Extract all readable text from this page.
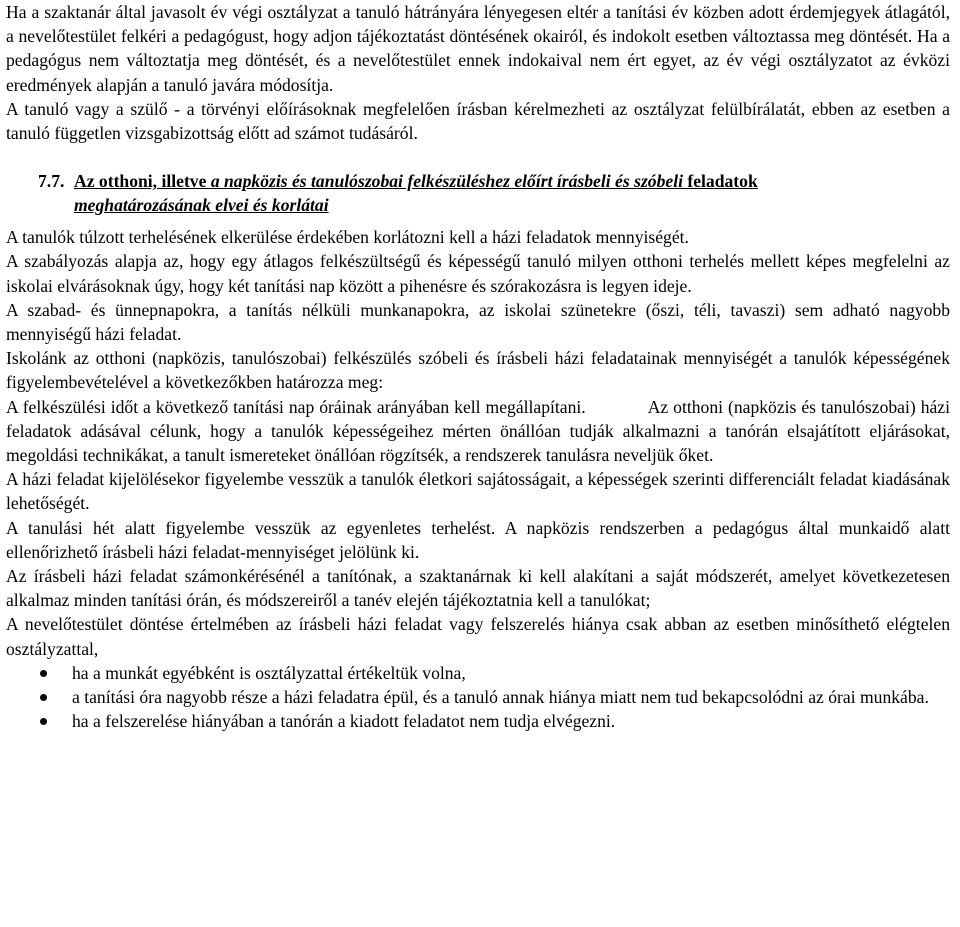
Ha a szaktanár által javasolt év végi osztályzat a tanuló hátrányára lényegesen eltér a tanítási év közben adott érdemjegyek átlagától, a nevelőtestület felkéri a pedagógust, hogy adjon tájékoztatást döntésének okairól, és indokolt esetben változtassa meg döntését. Ha a pedagógus nem változtatja meg döntését, és a nevelőtestület ennek indokaival nem ért egyet, az év végi osztályzatot az évközi eredmények alapján a tanuló javára módosítja.

A tanuló vagy a szülő - a törvényi előírásoknak megfelelően írásban kérelmezheti az osztályzat felülbírálatát, ebben az esetben a tanuló független vizsgabizottság előtt ad számot tudásáról.

7.7. Az otthoni, illetve a napközis és tanulószobai felkészüléshez előírt írásbeli és szóbeli feladatok
meghatározásának elvei és korlátai

A tanulók túlzott terhelésének elkerülése érdekében korlátozni kell a házi feladatok mennyiségét.

A szabályozás alapja az, hogy egy átlagos felkészültségű és képességű tanuló milyen otthoni terhelés mellett képes megfelelni az iskolai elvárásoknak úgy, hogy két tanítási nap között a pihenésre és szórakozásra is legyen ideje.

A szabad- és ünnepnapokra, a tanítás nélküli munkanapokra, az iskolai szünetekre (őszi, téli, tavaszi) sem adható nagyobb mennyiségű házi feladat.

Iskolánk az otthoni (napközis, tanulószobai) felkészülés szóbeli és írásbeli házi feladatainak mennyiségét a tanulók képességének figyelembevételével a következőkben határozza meg:

A felkészülési időt a következő tanítási nap óráinak arányában kell megállapítani.	Az otthoni (napközis és tanulószobai) házi feladatok adásával célunk, hogy a tanulók képességeihez mérten önállóan tudják alkalmazni a tanórán elsajátított eljárásokat, megoldási technikákat, a tanult ismereteket önállóan rögzítsék, a rendszerek tanulásra neveljük őket.

A házi feladat kijelölésekor figyelembe vesszük a tanulók életkori sajátosságait, a képességek szerinti differenciált feladat kiadásának lehetőségét.

A tanulási hét alatt figyelembe vesszük az egyenletes terhelést. A napközis rendszerben a pedagógus által munkaidő alatt ellenőrizhető írásbeli házi feladat-mennyiséget jelölünk ki.

Az írásbeli házi feladat számonkérésénél a tanítónak, a szaktanárnak ki kell alakítani a saját módszerét, amelyet következetesen alkalmaz minden tanítási órán, és módszereiről a tanév elején tájékoztatnia kell a tanulókat;

A nevelőtestület döntése értelmében az írásbeli házi feladat vagy felszerelés hiánya csak abban az esetben minősíthető elégtelen osztályzattal,

ha a munkát egyébként is osztályzattal értékeltük volna,
a tanítási óra nagyobb része a házi feladatra épül, és a tanuló annak hiánya miatt nem tud bekapcsolódni az órai munkába.
ha a felszerelése hiányában a tanórán a kiadott feladatot nem tudja elvégezni.
